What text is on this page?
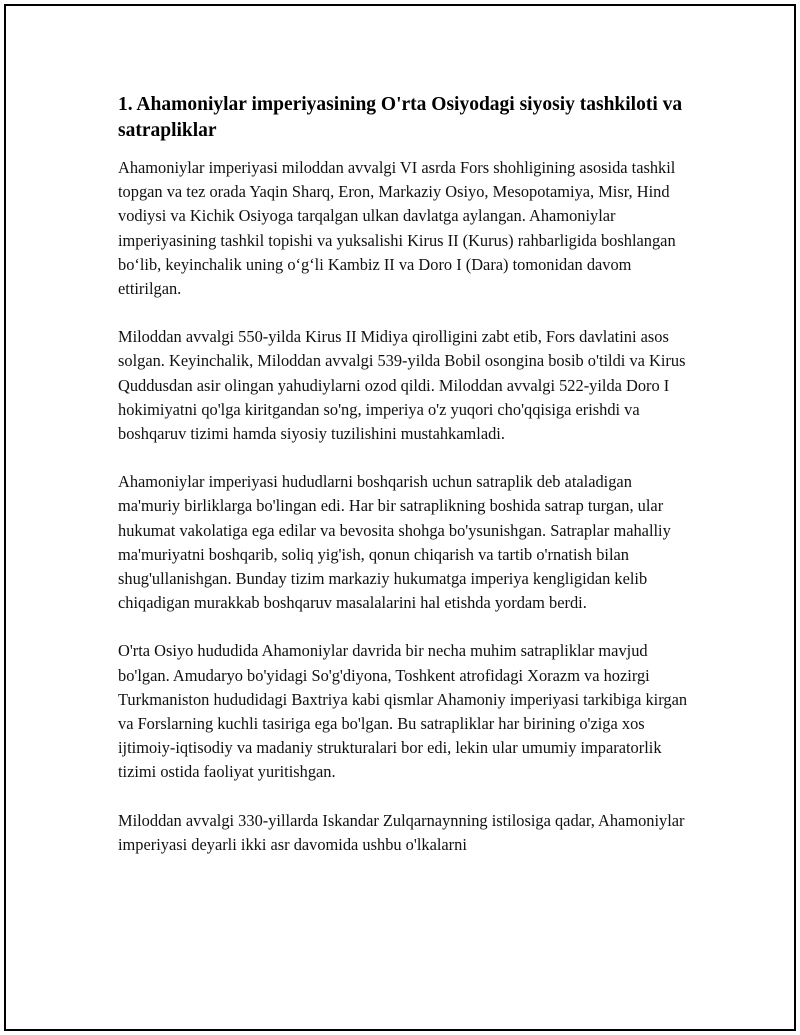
1. Ahamoniylar imperiyasining O'rta Osiyodagi siyosiy tashkiloti va satrapliklar

Ahamoniylar imperiyasi miloddan avvalgi VI asrda Fors shohligining asosida tashkil topgan va tez orada Yaqin Sharq, Eron, Markaziy Osiyo, Mesopotamiya, Misr, Hind vodiysi va Kichik Osiyoga tarqalgan ulkan davlatga aylangan. Ahamoniylar imperiyasining tashkil topishi va yuksalishi Kirus II (Kurus) rahbarligida boshlangan bo‘lib, keyinchalik uning o‘g‘li Kambiz II va Doro I (Dara) tomonidan davom ettirilgan.

Miloddan avvalgi 550-yilda Kirus II Midiya qirolligini zabt etib, Fors davlatini asos solgan. Keyinchalik, Miloddan avvalgi 539-yilda Bobil osongina bosib o'tildi va Kirus Quddusdan asir olingan yahudiylarni ozod qildi. Miloddan avvalgi 522-yilda Doro I hokimiyatni qo'lga kiritgandan so'ng, imperiya o'z yuqori cho'qqisiga erishdi va boshqaruv tizimi hamda siyosiy tuzilishini mustahkamladi.

Ahamoniylar imperiyasi hududlarni boshqarish uchun satraplik deb ataladigan ma'muriy birliklarga bo'lingan edi. Har bir satraplikning boshida satrap turgan, ular hukumat vakolatiga ega edilar va bevosita shohga bo'ysunishgan. Satraplar mahalliy ma'muriyatni boshqarib, soliq yig'ish, qonun chiqarish va tartib o'rnatish bilan shug'ullanishgan. Bunday tizim markaziy hukumatga imperiya kengligidan kelib chiqadigan murakkab boshqaruv masalalarini hal etishda yordam berdi.

O'rta Osiyo hududida Ahamoniylar davrida bir necha muhim satrapliklar mavjud bo'lgan. Amudaryo bo'yidagi So'g'diyona, Toshkent atrofidagi Xorazm va hozirgi Turkmaniston hududidagi Baxtriya kabi qismlar Ahamoniy imperiyasi tarkibiga kirgan va Forslarning kuchli tasiriga ega bo'lgan. Bu satrapliklar har birining o'ziga xos ijtimoiy-iqtisodiy va madaniy strukturalari bor edi, lekin ular umumiy imparatorlik tizimi ostida faoliyat yuritishgan.

Miloddan avvalgi 330-yillarda Iskandar Zulqarnaynning istilosiga qadar, Ahamoniylar imperiyasi deyarli ikki asr davomida ushbu o'lkalarni
